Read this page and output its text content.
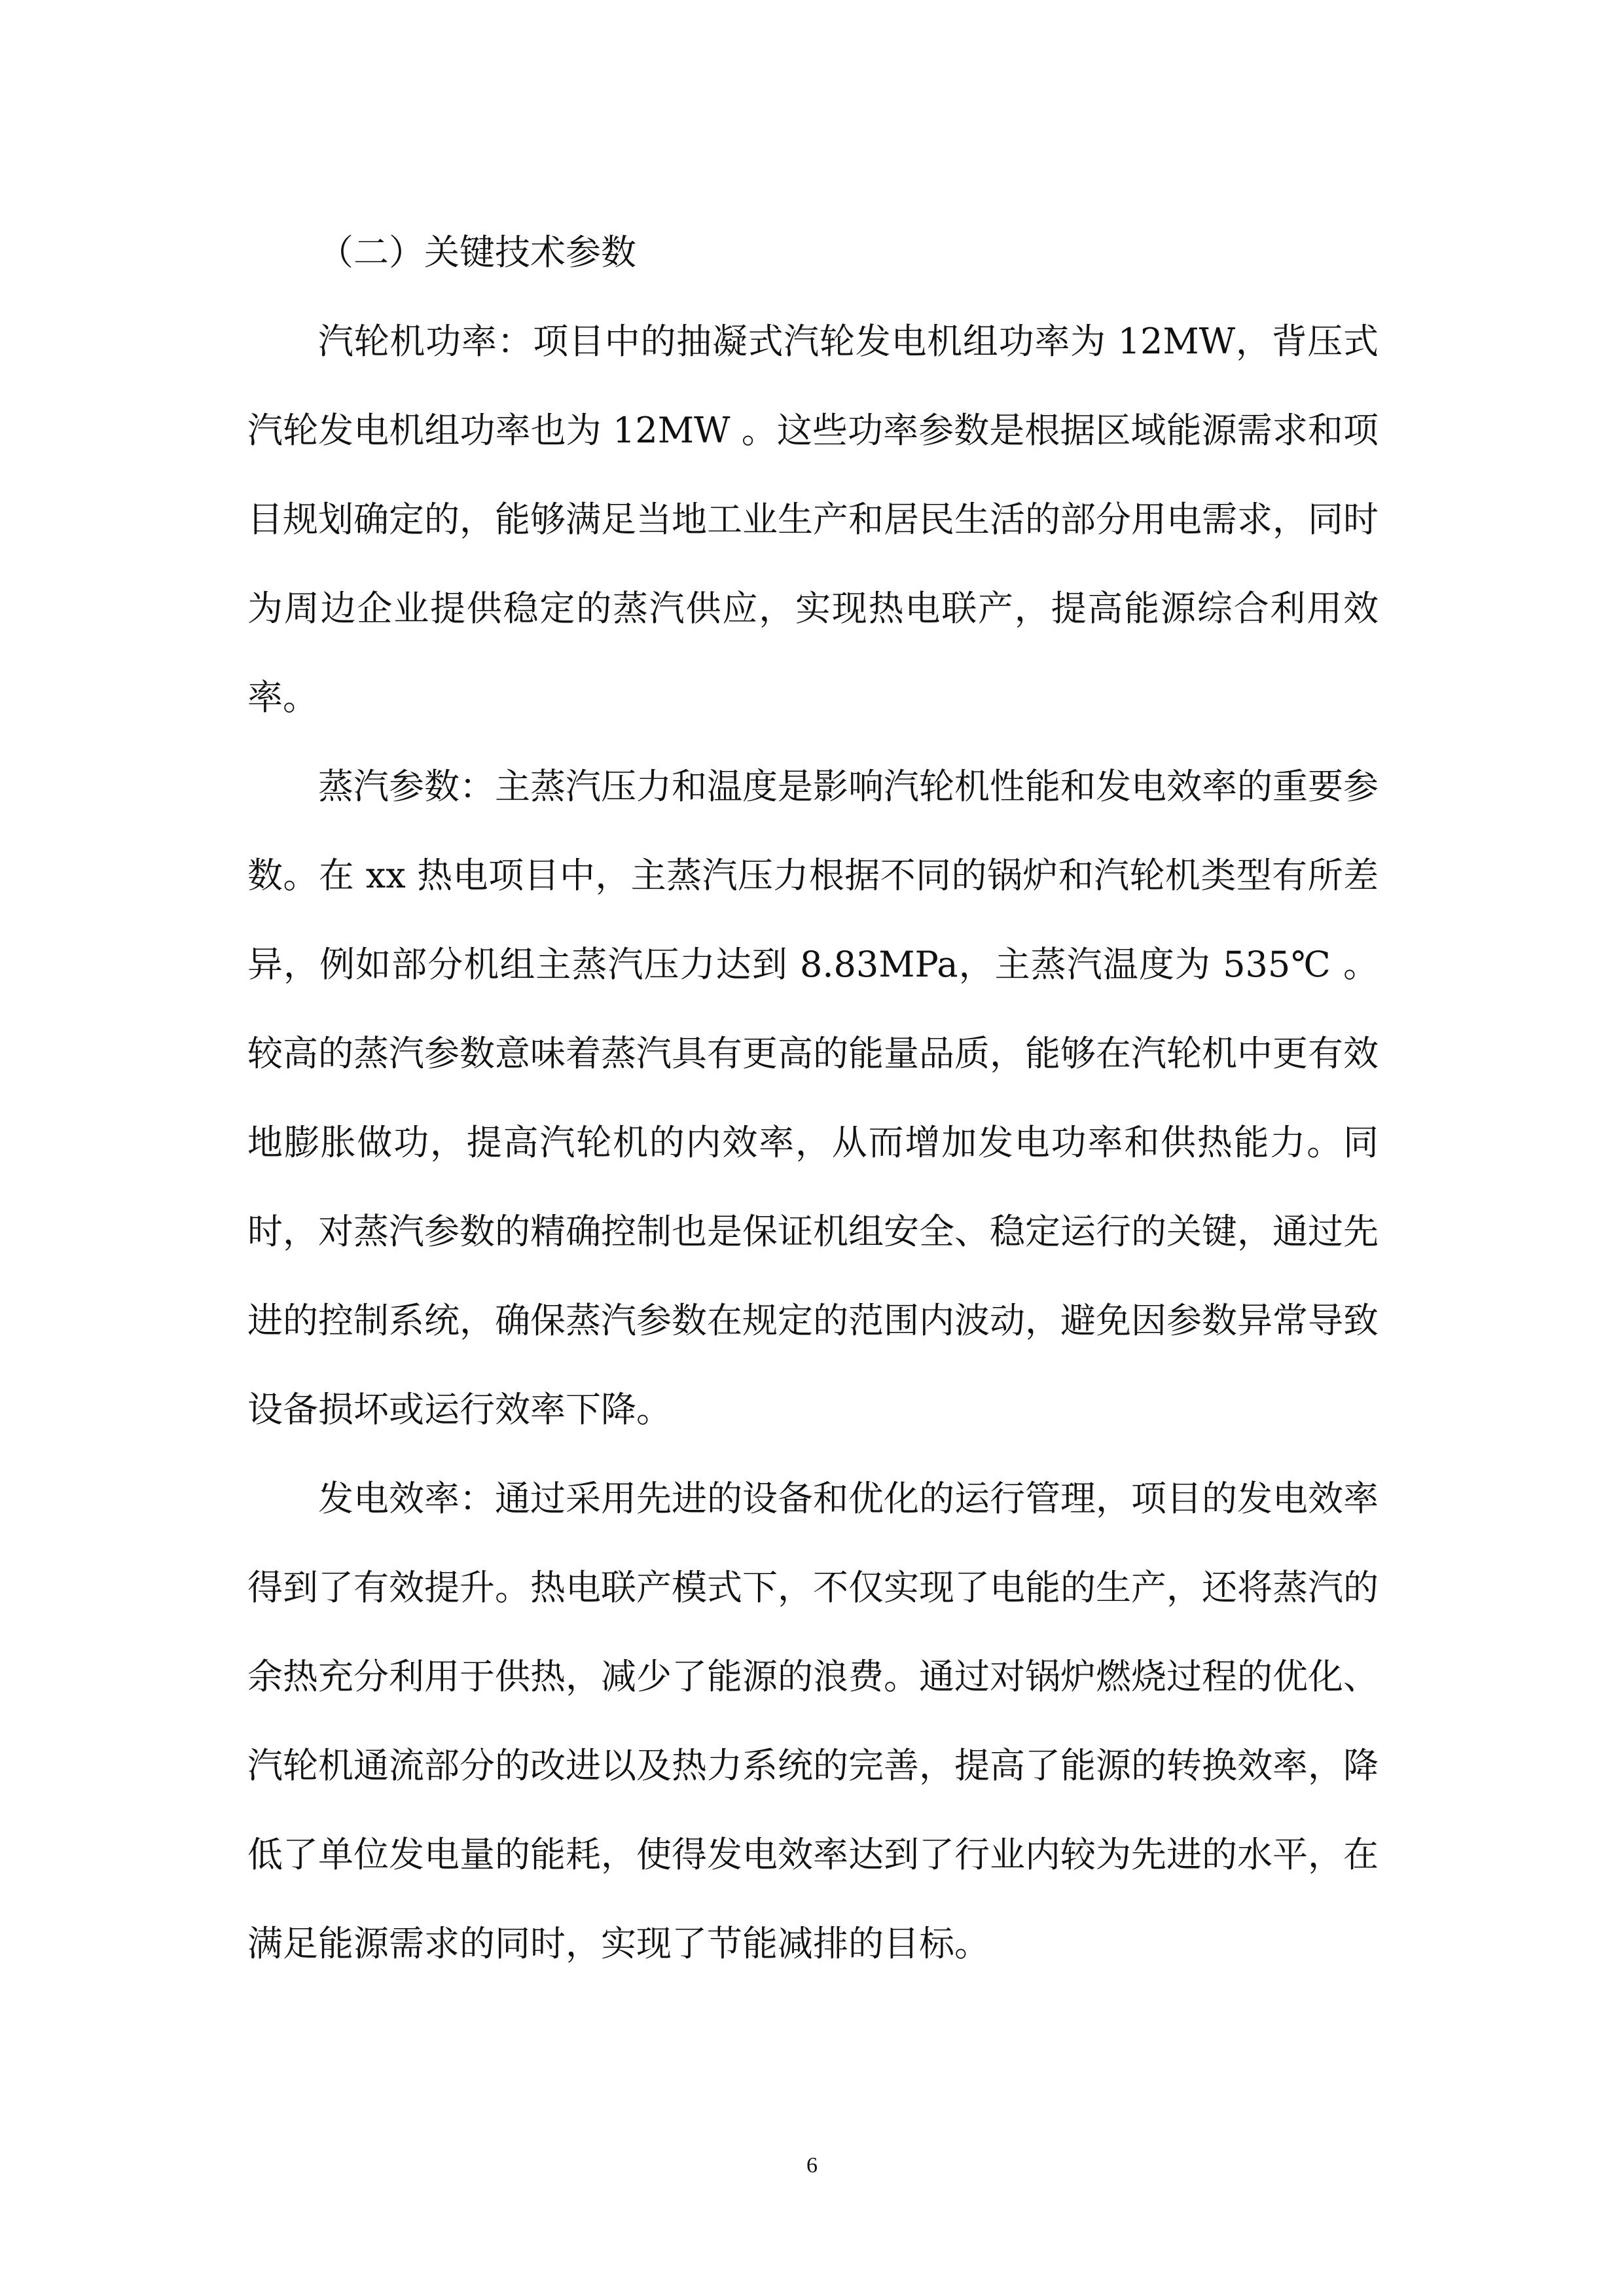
（二）关键技术参数

汽轮机功率：项目中的抽凝式汽轮发电机组功率为 12MW，背压式汽轮发电机组功率也为 12MW 。这些功率参数是根据区域能源需求和项目规划确定的，能够满足当地工业生产和居民生活的部分用电需求，同时为周边企业提供稳定的蒸汽供应，实现热电联产，提高能源综合利用效率。

蒸汽参数：主蒸汽压力和温度是影响汽轮机性能和发电效率的重要参数。在 xx 热电项目中，主蒸汽压力根据不同的锅炉和汽轮机类型有所差异，例如部分机组主蒸汽压力达到 8.83MPa，主蒸汽温度为 535℃ 。较高的蒸汽参数意味着蒸汽具有更高的能量品质，能够在汽轮机中更有效地膨胀做功，提高汽轮机的内效率，从而增加发电功率和供热能力。同时，对蒸汽参数的精确控制也是保证机组安全、稳定运行的关键，通过先进的控制系统，确保蒸汽参数在规定的范围内波动，避免因参数异常导致设备损坏或运行效率下降。

发电效率：通过采用先进的设备和优化的运行管理，项目的发电效率得到了有效提升。热电联产模式下，不仅实现了电能的生产，还将蒸汽的余热充分利用于供热，减少了能源的浪费。通过对锅炉燃烧过程的优化、汽轮机通流部分的改进以及热力系统的完善，提高了能源的转换效率，降低了单位发电量的能耗，使得发电效率达到了行业内较为先进的水平，在满足能源需求的同时，实现了节能减排的目标。

6
